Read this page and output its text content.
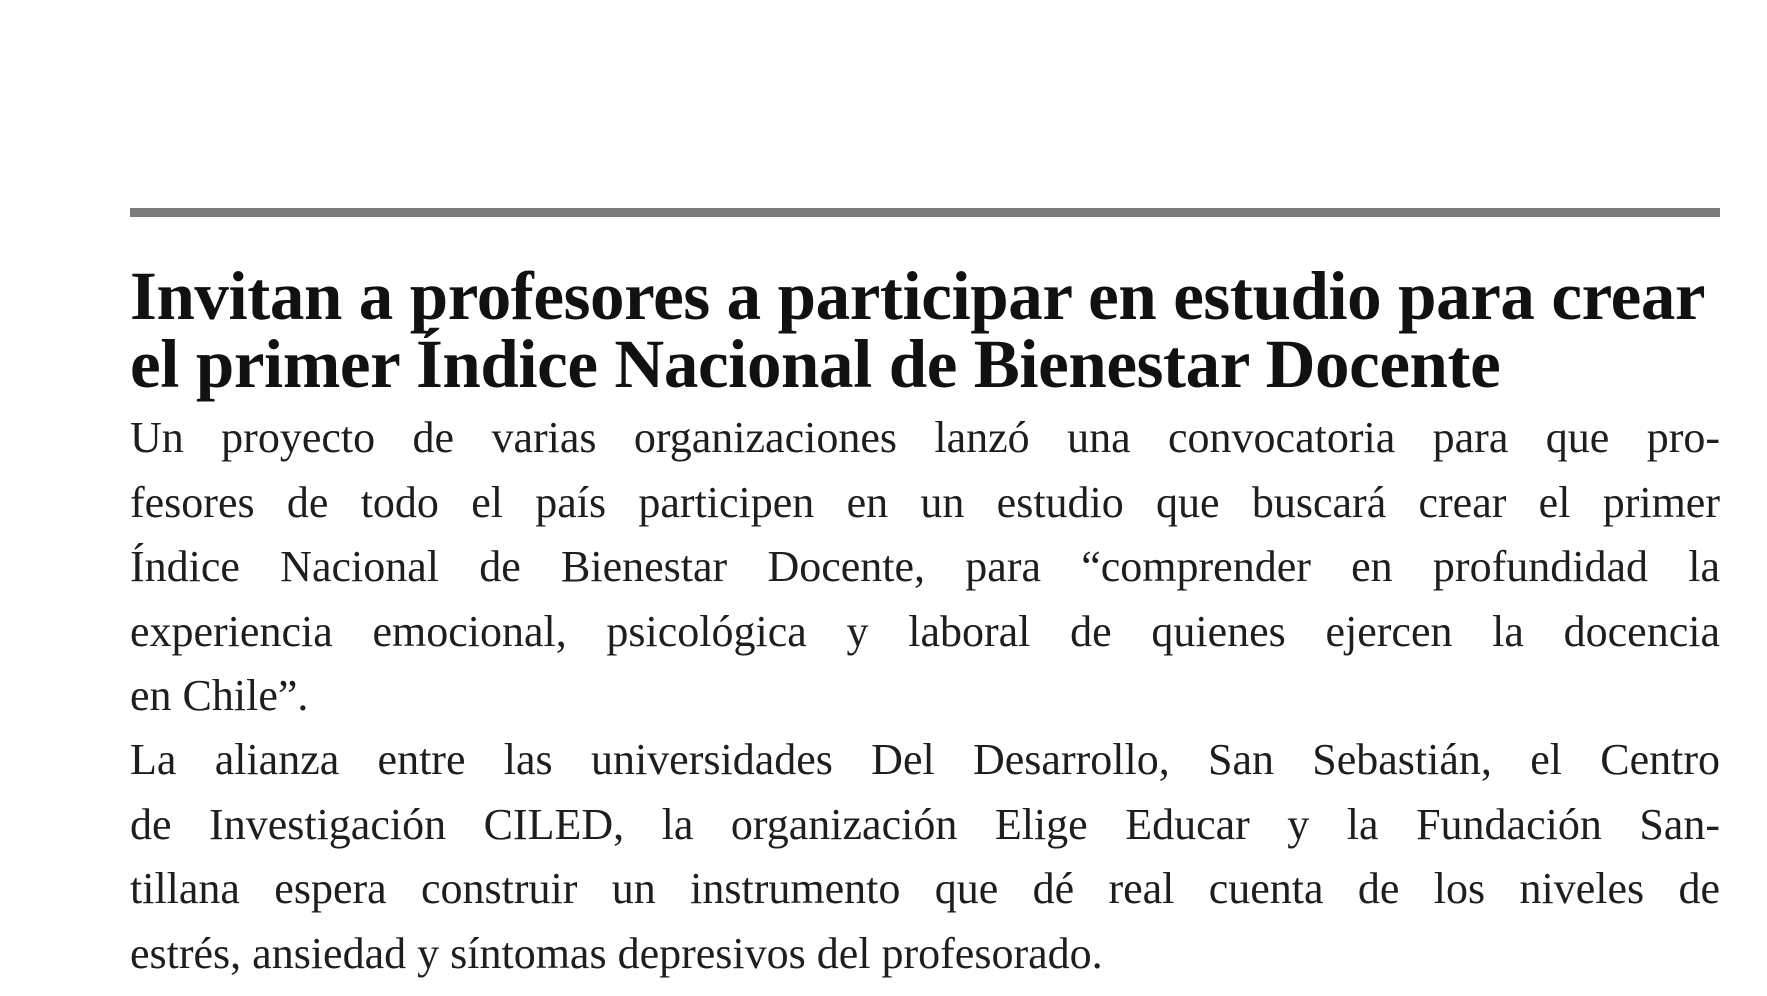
Invitan a profesores a participar en estudio para crear
el primer Índice Nacional de Bienestar Docente

Un proyecto de varias organizaciones lanzó una convocatoria para que pro-
fesores de todo el país participen en un estudio que buscará crear el primer
Índice Nacional de Bienestar Docente, para “comprender en profundidad la
experiencia emocional, psicológica y laboral de quienes ejercen la docencia
en Chile”.

La alianza entre las universidades Del Desarrollo, San Sebastián, el Centro
de Investigación CILED, la organización Elige Educar y la Fundación San-
tillana espera construir un instrumento que dé real cuenta de los niveles de
estrés, ansiedad y síntomas depresivos del profesorado.
